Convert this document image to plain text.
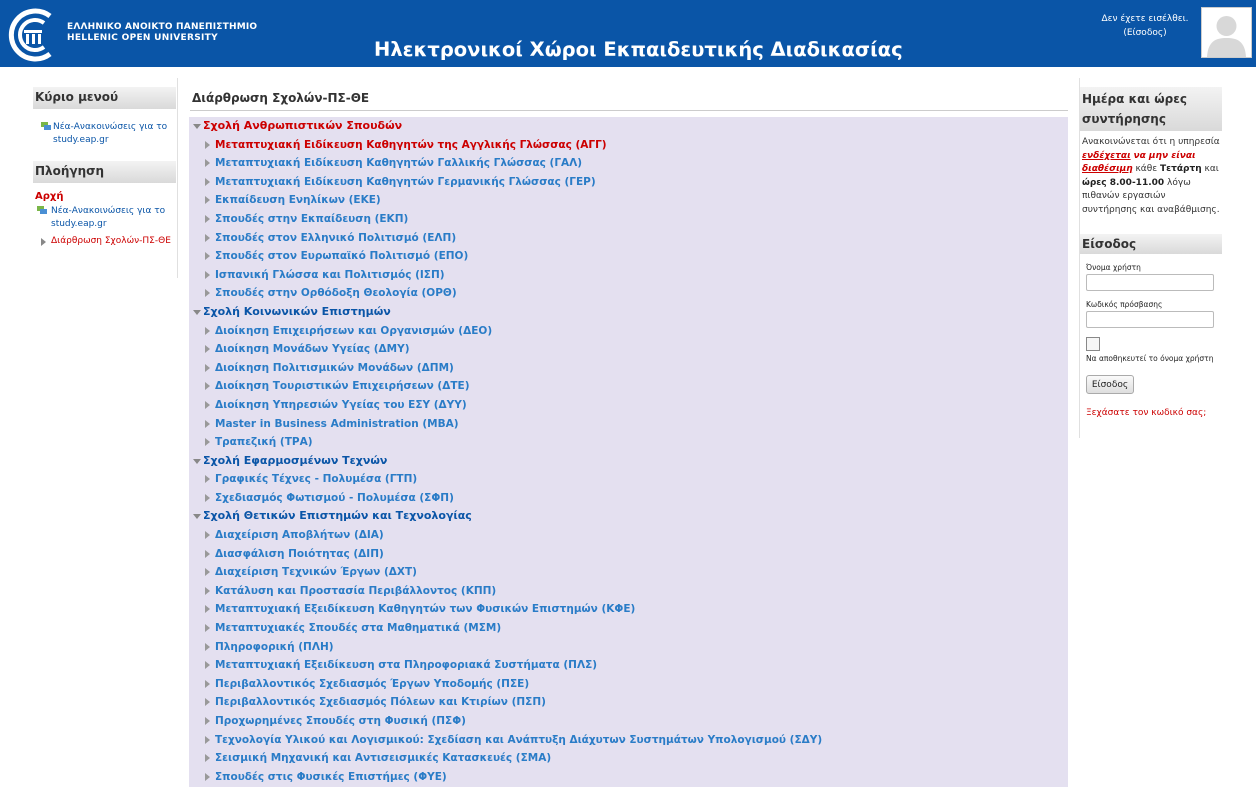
ΕΛΛΗΝΙΚΟ ΑΝΟΙΚΤΟ ΠΑΝΕΠΙΣΤΗΜΙΟ
HELLENIC OPEN UNIVERSITY	Ηλεκτρονικοί Χώροι Εκπαιδευτικής Διαδικασίας
Δεν έχετε εισέλθει.
(Είσοδος)
Κύριο μενού
Νέα-Ανακοινώσεις για το study.eap.gr
Πλοήγηση
Αρχή
Νέα-Ανακοινώσεις για το study.eap.gr
Διάρθρωση Σχολών-ΠΣ-ΘΕ
Διάρθρωση Σχολών-ΠΣ-ΘΕ
Σχολή Ανθρωπιστικών Σπουδών
Μεταπτυχιακή Ειδίκευση Καθηγητών της Αγγλικής Γλώσσας (ΑΓΓ)
Μεταπτυχιακή Ειδίκευση Καθηγητών Γαλλικής Γλώσσας (ΓΑΛ)
Μεταπτυχιακή Ειδίκευση Καθηγητών Γερμανικής Γλώσσας (ΓΕΡ)
Εκπαίδευση Ενηλίκων (ΕΚΕ)
Σπουδές στην Εκπαίδευση (ΕΚΠ)
Σπουδές στον Ελληνικό Πολιτισμό (ΕΛΠ)
Σπουδές στον Ευρωπαϊκό Πολιτισμό (ΕΠΟ)
Ισπανική Γλώσσα και Πολιτισμός (ΙΣΠ)
Σπουδές στην Ορθόδοξη Θεολογία (ΟΡΘ)
Σχολή Κοινωνικών Επιστημών
Διοίκηση Επιχειρήσεων και Οργανισμών (ΔΕΟ)
Διοίκηση Μονάδων Υγείας (ΔΜΥ)
Διοίκηση Πολιτισμικών Μονάδων (ΔΠΜ)
Διοίκηση Τουριστικών Επιχειρήσεων (ΔΤΕ)
Διοίκηση Υπηρεσιών Υγείας του ΕΣΥ (ΔΥΥ)
Master in Business Administration (MBA)
Τραπεζική (ΤΡΑ)
Σχολή Εφαρμοσμένων Τεχνών
Γραφικές Τέχνες - Πολυμέσα (ΓΤΠ)
Σχεδιασμός Φωτισμού - Πολυμέσα (ΣΦΠ)
Σχολή Θετικών Επιστημών και Τεχνολογίας
Διαχείριση Αποβλήτων (ΔΙΑ)
Διασφάλιση Ποιότητας (ΔΙΠ)
Διαχείριση Τεχνικών Έργων (ΔΧΤ)
Κατάλυση και Προστασία Περιβάλλοντος (ΚΠΠ)
Μεταπτυχιακή Εξειδίκευση Καθηγητών των Φυσικών Επιστημών (ΚΦΕ)
Μεταπτυχιακές Σπουδές στα Μαθηματικά (ΜΣΜ)
Πληροφορική (ΠΛΗ)
Μεταπτυχιακή Εξειδίκευση στα Πληροφοριακά Συστήματα (ΠΛΣ)
Περιβαλλοντικός Σχεδιασμός Έργων Υποδομής (ΠΣΕ)
Περιβαλλοντικός Σχεδιασμός Πόλεων και Κτιρίων (ΠΣΠ)
Προχωρημένες Σπουδές στη Φυσική (ΠΣΦ)
Τεχνολογία Υλικού και Λογισμικού: Σχεδίαση και Ανάπτυξη Διάχυτων Συστημάτων Υπολογισμού (ΣΔΥ)
Σεισμική Μηχανική και Αντισεισμικές Κατασκευές (ΣΜΑ)
Σπουδές στις Φυσικές Επιστήμες (ΦΥΕ)
Ημέρα και ώρες συντήρησης
Ανακοινώνεται ότι η υπηρεσία ενδέχεται να μην είναι διαθέσιμη κάθε Τετάρτη και ώρες 8.00-11.00 λόγω πιθανών εργασιών συντήρησης και αναβάθμισης.
Είσοδος
Όνομα χρήστη
Κωδικός πρόσβασης
Να αποθηκευτεί το όνομα χρήστη
Είσοδος
Ξεχάσατε τον κωδικό σας;
